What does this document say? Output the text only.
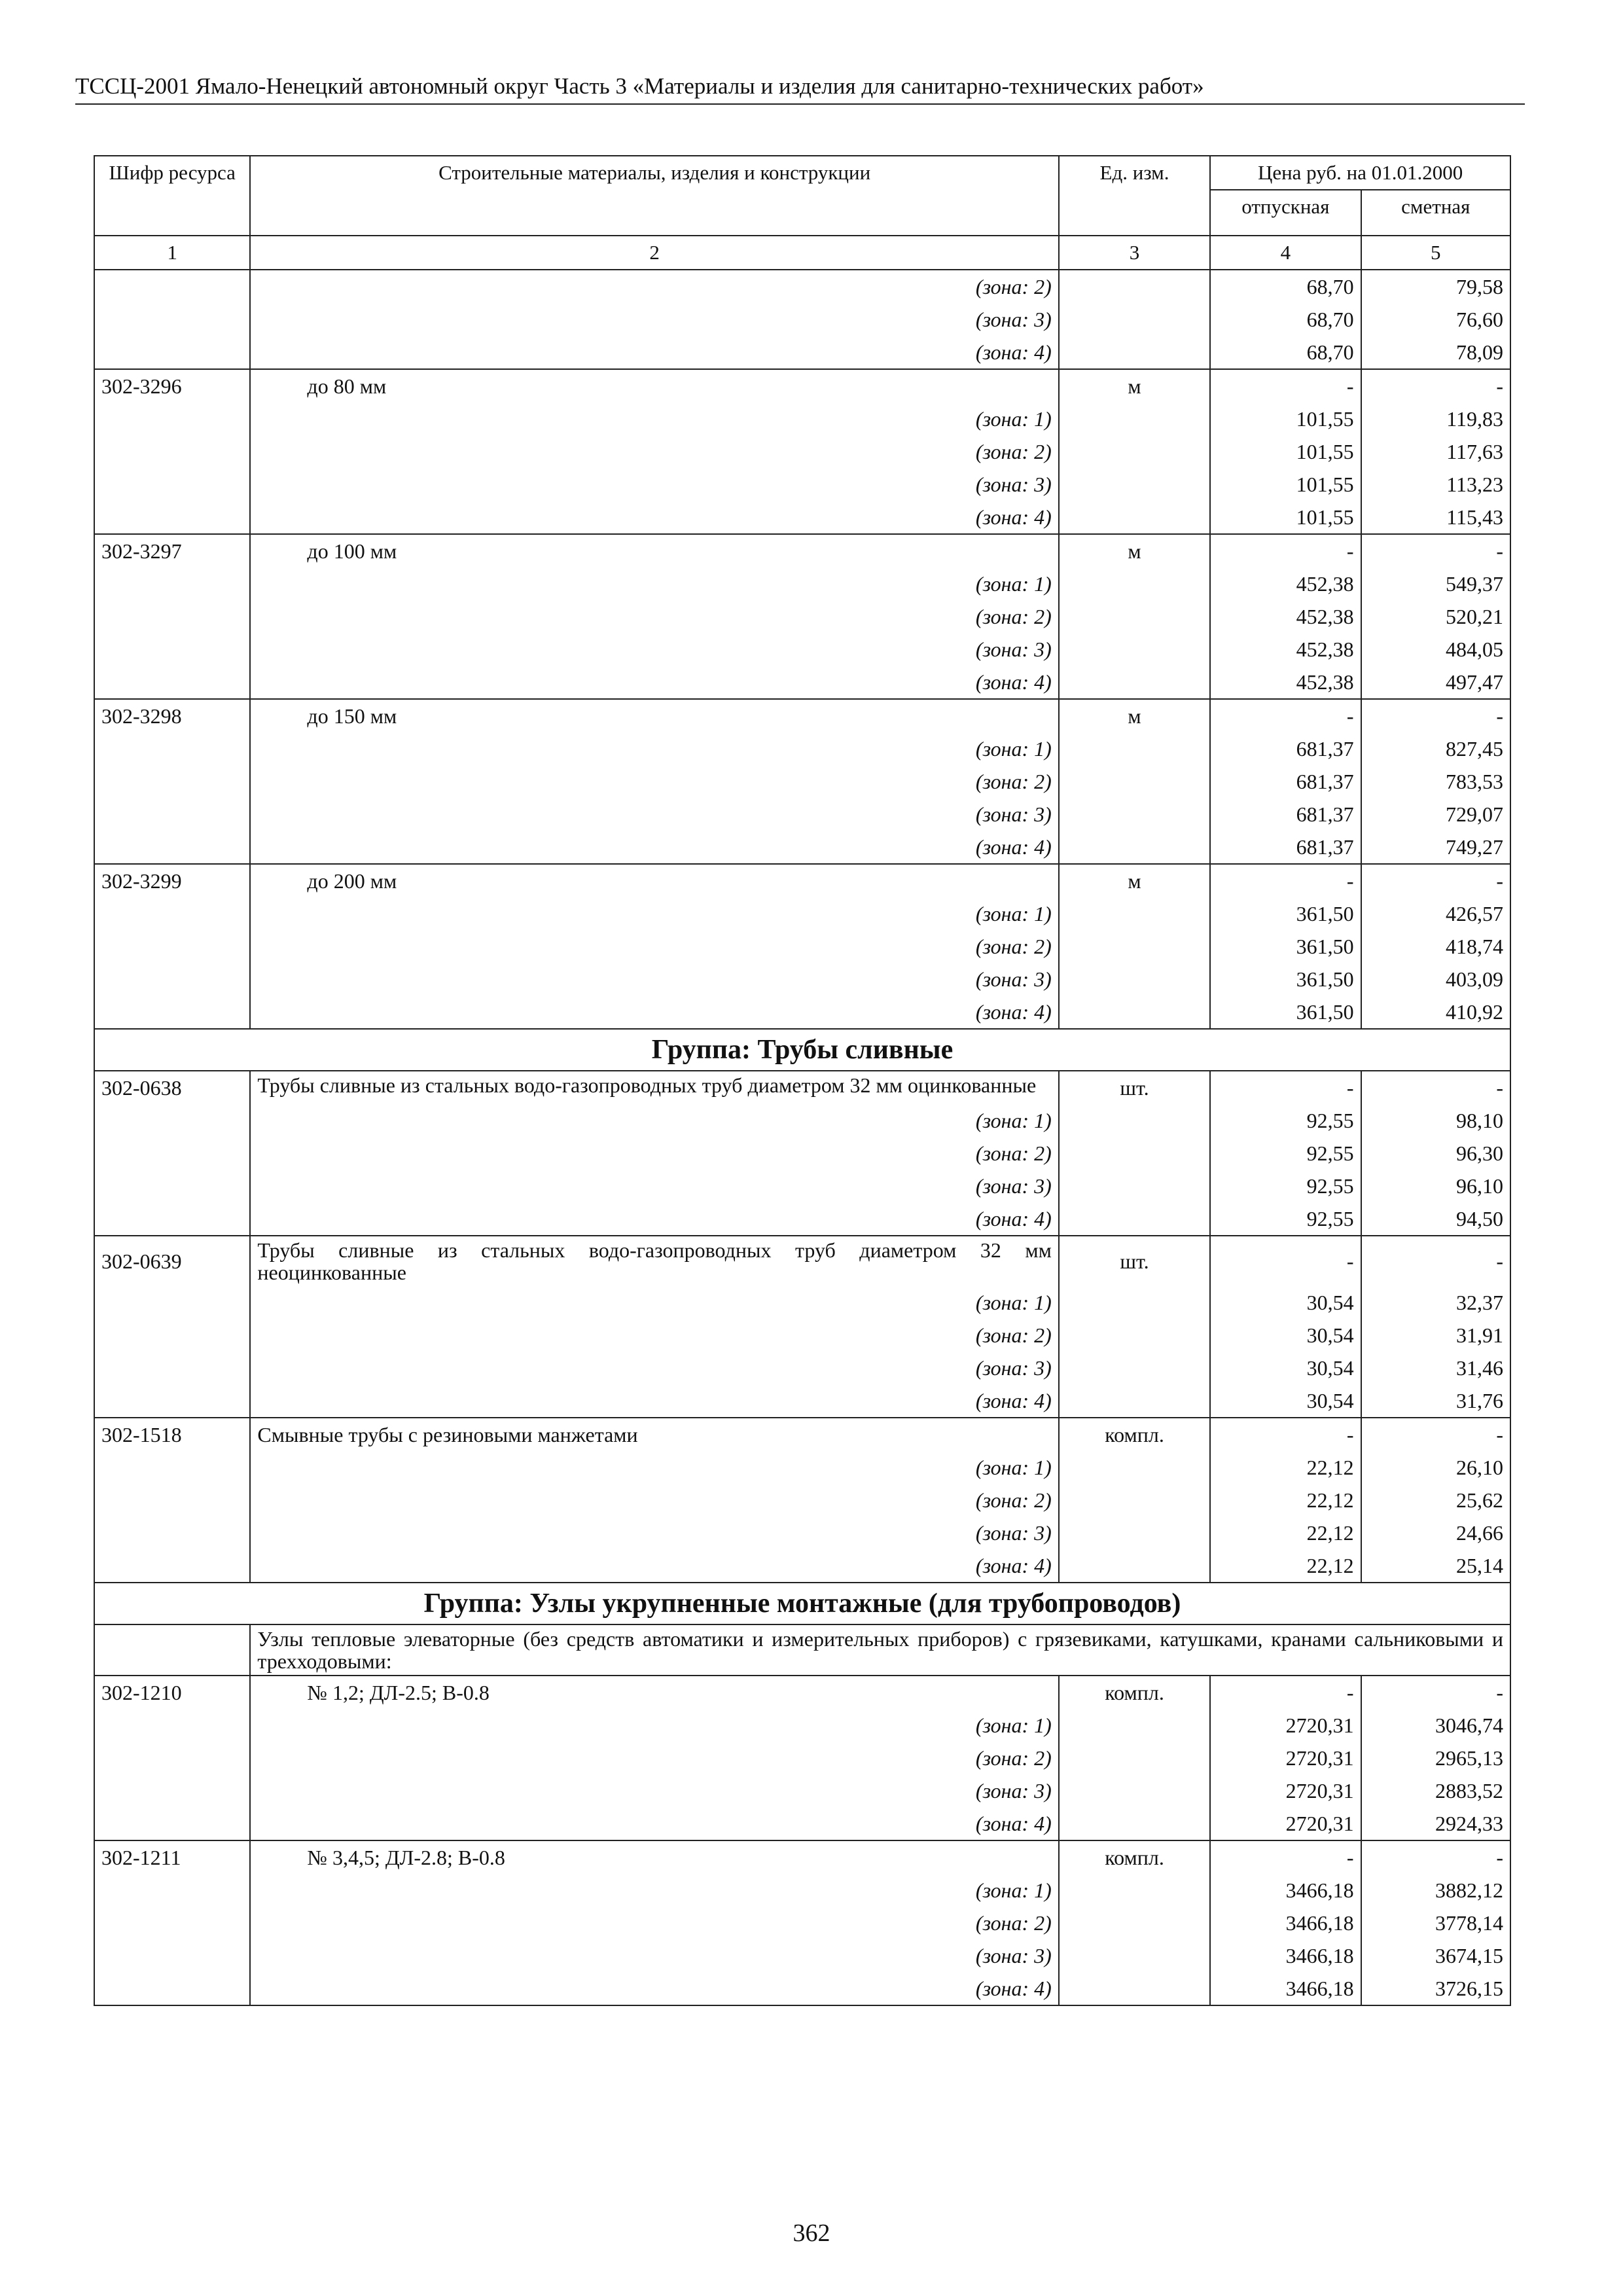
ТССЦ-2001 Ямало-Ненецкий автономный округ Часть 3 «Материалы и изделия для санитарно-технических работ»
Шифр ресурса	Строительные материалы, изделия и конструкции	Ед. изм.	Цена руб. на 01.01.2000	
			отпускная	сметная
1	2	3	4	5
	(зона: 2)		68,70	79,58
	(зона: 3)		68,70	76,60
	(зона: 4)		68,70	78,09
302-3296	до 80 мм	м	-	-
	(зона: 1)		101,55	119,83
	(зона: 2)		101,55	117,63
	(зона: 3)		101,55	113,23
	(зона: 4)		101,55	115,43
302-3297	до 100 мм	м	-	-
	(зона: 1)		452,38	549,37
	(зона: 2)		452,38	520,21
	(зона: 3)		452,38	484,05
	(зона: 4)		452,38	497,47
302-3298	до 150 мм	м	-	-
	(зона: 1)		681,37	827,45
	(зона: 2)		681,37	783,53
	(зона: 3)		681,37	729,07
	(зона: 4)		681,37	749,27
302-3299	до 200 мм	м	-	-
	(зона: 1)		361,50	426,57
	(зона: 2)		361,50	418,74
	(зона: 3)		361,50	403,09
	(зона: 4)		361,50	410,92
Группа: Трубы сливные				
302-0638	Трубы сливные из стальных водо-газопроводных труб диаметром 32 мм оцинкованные	шт.	-	-
	(зона: 1)		92,55	98,10
	(зона: 2)		92,55	96,30
	(зона: 3)		92,55	96,10
	(зона: 4)		92,55	94,50
302-0639	Трубы сливные из стальных водо-газопроводных труб диаметром 32 мм неоцинкованные	шт.	-	-
	(зона: 1)		30,54	32,37
	(зона: 2)		30,54	31,91
	(зона: 3)		30,54	31,46
	(зона: 4)		30,54	31,76
302-1518	Смывные трубы с резиновыми манжетами	компл.	-	-
	(зона: 1)		22,12	26,10
	(зона: 2)		22,12	25,62
	(зона: 3)		22,12	24,66
	(зона: 4)		22,12	25,14
Группа: Узлы укрупненные монтажные (для трубопроводов)				
	Узлы тепловые элеваторные (без средств автоматики и измерительных приборов) с грязевиками, катушками, кранами сальниковыми и трехходовыми:			
302-1210	№ 1,2; ДЛ-2.5; В-0.8	компл.	-	-
	(зона: 1)		2720,31	3046,74
	(зона: 2)		2720,31	2965,13
	(зона: 3)		2720,31	2883,52
	(зона: 4)		2720,31	2924,33
302-1211	№ 3,4,5; ДЛ-2.8; В-0.8	компл.	-	-
	(зона: 1)		3466,18	3882,12
	(зона: 2)		3466,18	3778,14
	(зона: 3)		3466,18	3674,15
	(зона: 4)		3466,18	3726,15
362
